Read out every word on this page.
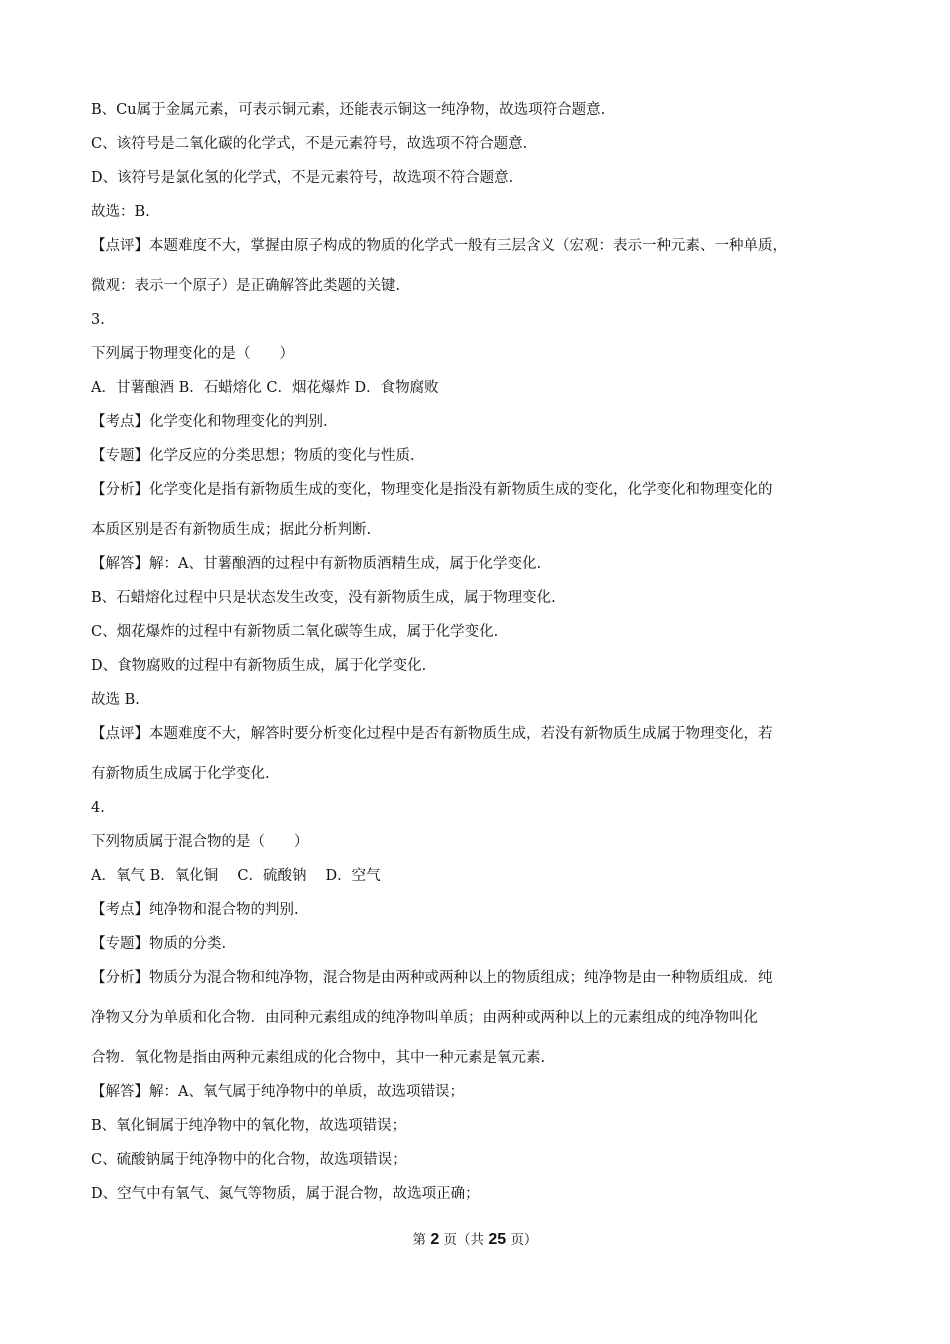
B、Cu属于金属元素，可表示铜元素，还能表示铜这一纯净物，故选项符合题意.

C、该符号是二氧化碳的化学式，不是元素符号，故选项不符合题意.

D、该符号是氯化氢的化学式，不是元素符号，故选项不符合题意.

故选：B.

【点评】本题难度不大，掌握由原子构成的物质的化学式一般有三层含义（宏观：表示一种元素、一种单质，

微观：表示一个原子）是正确解答此类题的关键.

3.

下列属于物理变化的是（　　）

A．甘薯酿酒 B．石蜡熔化 C．烟花爆炸 D．食物腐败

【考点】化学变化和物理变化的判别.

【专题】化学反应的分类思想；物质的变化与性质.

【分析】化学变化是指有新物质生成的变化，物理变化是指没有新物质生成的变化，化学变化和物理变化的

本质区别是否有新物质生成；据此分析判断.

【解答】解：A、甘薯酿酒的过程中有新物质酒精生成，属于化学变化.

B、石蜡熔化过程中只是状态发生改变，没有新物质生成，属于物理变化.

C、烟花爆炸的过程中有新物质二氧化碳等生成，属于化学变化.

D、食物腐败的过程中有新物质生成，属于化学变化.

故选 B.

【点评】本题难度不大，解答时要分析变化过程中是否有新物质生成，若没有新物质生成属于物理变化，若

有新物质生成属于化学变化.

4.

下列物质属于混合物的是（　　）

A．氧气 B．氧化铜　 C．硫酸钠　 D．空气

【考点】纯净物和混合物的判别.

【专题】物质的分类.

【分析】物质分为混合物和纯净物，混合物是由两种或两种以上的物质组成；纯净物是由一种物质组成．纯

净物又分为单质和化合物．由同种元素组成的纯净物叫单质；由两种或两种以上的元素组成的纯净物叫化

合物．氧化物是指由两种元素组成的化合物中，其中一种元素是氧元素.

【解答】解：A、氧气属于纯净物中的单质，故选项错误；

B、氧化铜属于纯净物中的氧化物，故选项错误；

C、硫酸钠属于纯净物中的化合物，故选项错误；

D、空气中有氧气、氮气等物质，属于混合物，故选项正确；

第 2 页（共 25 页）
